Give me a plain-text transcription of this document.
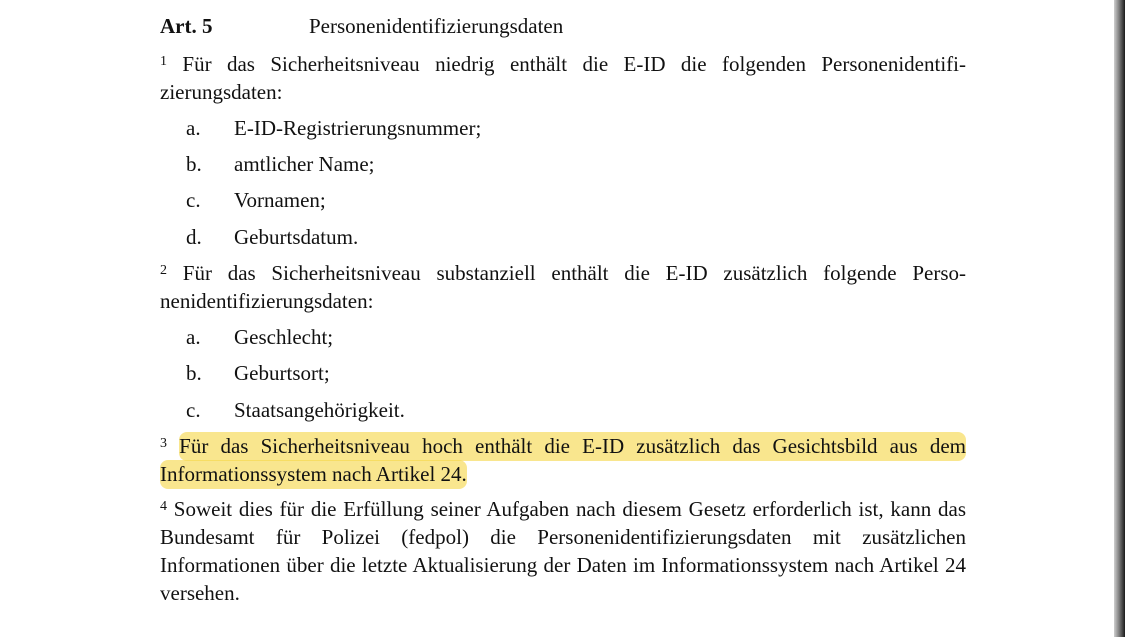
Art. 5	Personenidentifizierungsdaten
$^1$ Für das Sicherheitsniveau niedrig enthält die E-ID die folgenden Personenidentifizierungsdaten:
a. E-ID-Registrierungsnummer;
b. amtlicher Name;
c. Vornamen;
d. Geburtsdatum.
$^2$ Für das Sicherheitsniveau substanziell enthält die E-ID zusätzlich folgende Personenidentifizierungsdaten:
a. Geschlecht;
b. Geburtsort;
c. Staatsangehörigkeit.
$^3$ Für das Sicherheitsniveau hoch enthält die E-ID zusätzlich das Gesichtsbild aus dem Informationssystem nach Artikel 24.
$^4$ Soweit dies für die Erfüllung seiner Aufgaben nach diesem Gesetz erforderlich ist, kann das Bundesamt für Polizei (fedpol) die Personenidentifizierungsdaten mit zusätzlichen Informationen über die letzte Aktualisierung der Daten im Informationssystem nach Artikel 24 versehen.
